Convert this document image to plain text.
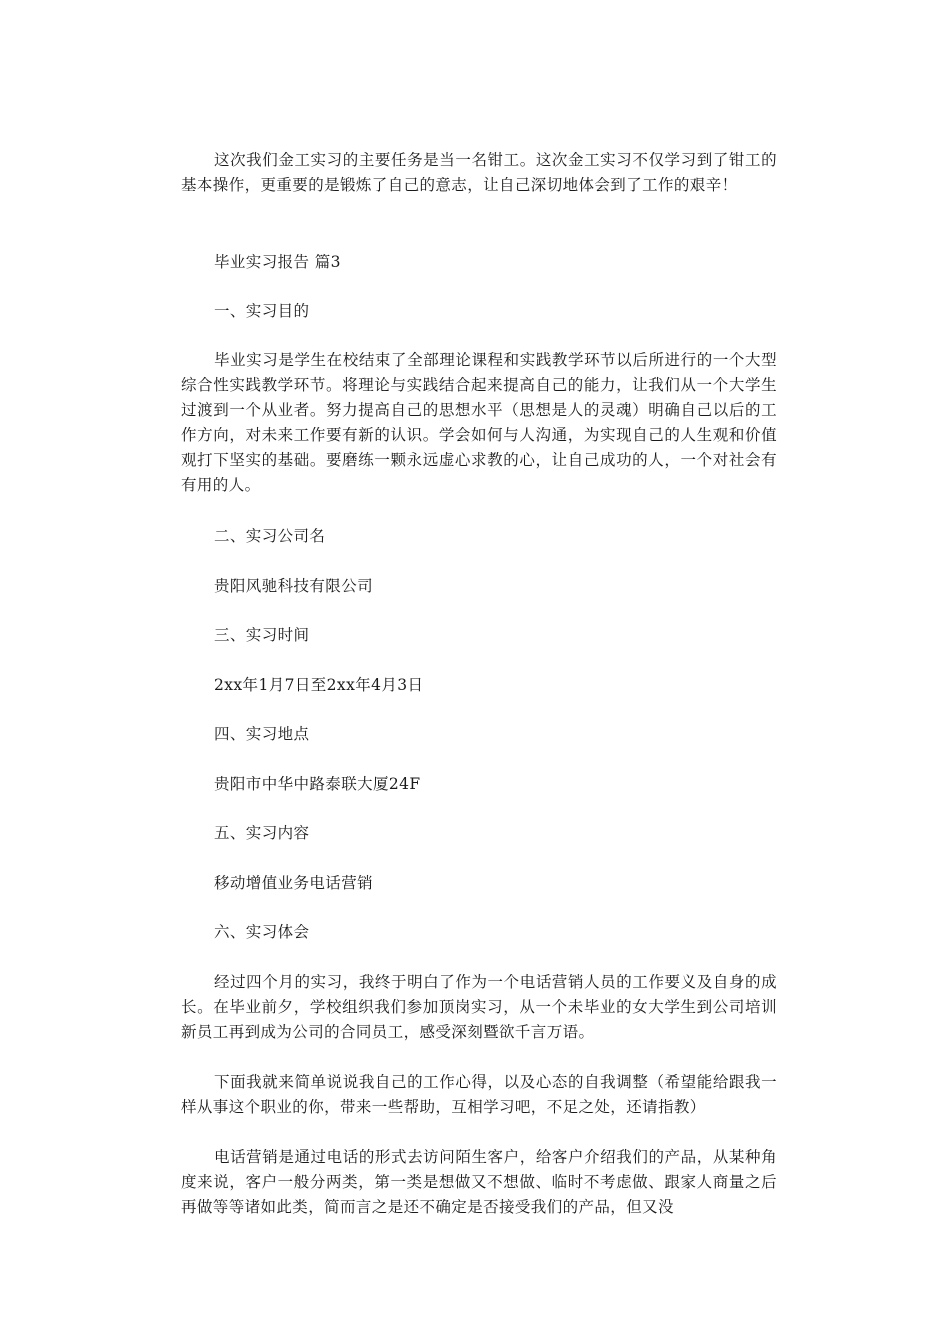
这次我们金工实习的主要任务是当一名钳工。这次金工实习不仅学习到了钳工的基本操作，更重要的是锻炼了自己的意志，让自己深切地体会到了工作的艰辛！

毕业实习报告 篇3

一、实习目的

毕业实习是学生在校结束了全部理论课程和实践教学环节以后所进行的一个大型综合性实践教学环节。将理论与实践结合起来提高自己的能力，让我们从一个大学生过渡到一个从业者。努力提高自己的思想水平（思想是人的灵魂）明确自己以后的工作方向，对未来工作要有新的认识。学会如何与人沟通，为实现自己的人生观和价值观打下坚实的基础。要磨练一颗永远虚心求教的心，让自己成功的人，一个对社会有有用的人。

二、实习公司名

贵阳风驰科技有限公司

三、实习时间

2xx年1月7日至2xx年4月3日

四、实习地点

贵阳市中华中路泰联大厦24F

五、实习内容

移动增值业务电话营销

六、实习体会

经过四个月的实习，我终于明白了作为一个电话营销人员的工作要义及自身的成长。在毕业前夕，学校组织我们参加顶岗实习，从一个未毕业的女大学生到公司培训新员工再到成为公司的合同员工，感受深刻暨欲千言万语。

下面我就来简单说说我自己的工作心得，以及心态的自我调整（希望能给跟我一样从事这个职业的你，带来一些帮助，互相学习吧，不足之处，还请指教）

电话营销是通过电话的形式去访问陌生客户，给客户介绍我们的产品，从某种角度来说，客户一般分两类，第一类是想做又不想做、临时不考虑做、跟家人商量之后再做等等诸如此类，简而言之是还不确定是否接受我们的产品，但又没
